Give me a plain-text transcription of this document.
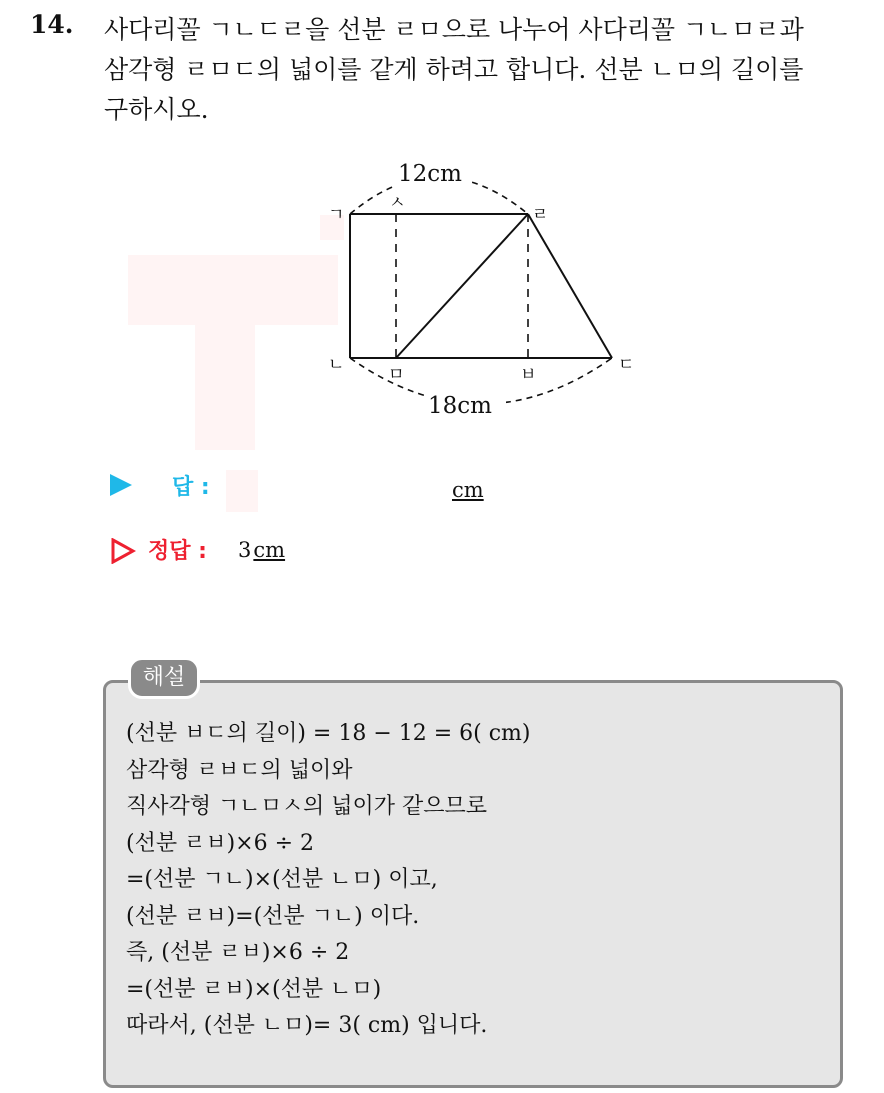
14. 사다리꼴 ㄱㄴㄷㄹ을 선분 ㄹㅁ으로 나누어 사다리꼴 ㄱㄴㅁㄹ과
삼각형 ㄹㅁㄷ의 넓이를 같게 하려고 합니다. 선분 ㄴㅁ의 길이를
구하시오.
12cm
18cm
ㄱ
ㅅ
ㄹ
ㄴ	ㅁ	ㅂ	ㄷ
답 :	cm
정답 : 3cm
해설
(선분 ㅂㄷ의 길이) = 18 − 12 = 6( cm)
삼각형 ㄹㅂㄷ의 넓이와
직사각형 ㄱㄴㅁㅅ의 넓이가 같으므로
(선분 ㄹㅂ)×6 ÷ 2
=(선분 ㄱㄴ)×(선분 ㄴㅁ) 이고,
(선분 ㄹㅂ)=(선분 ㄱㄴ) 이다.
즉, (선분 ㄹㅂ)×6 ÷ 2
=(선분 ㄹㅂ)×(선분 ㄴㅁ)
따라서, (선분 ㄴㅁ)= 3( cm) 입니다.
